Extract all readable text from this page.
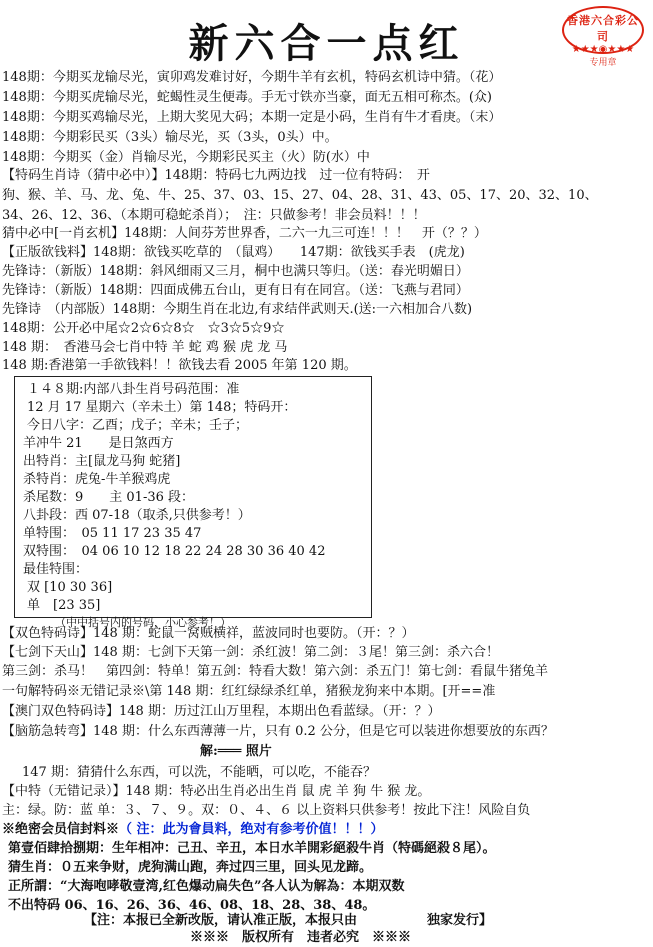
新六合一点红	香港六合彩公司
★★★◉★★★
专用章
148期：今期买龙输尽光，寅卯鸡发难讨好，今期牛羊有玄机，特码玄机诗中猜。（花）
148期：今期买虎输尽光，蛇蝎性灵生便毒。手无寸铁亦当豪，面无五相可称杰。(众)
148期：今期买鸡输尽光，上期大奖见大码；本期一定是小码，生肖有牛才看庚。（末）
148期：今期彩民买（3头）输尽光，买（3头，0头）中。
148期：今期买（金）肖输尽光，今期彩民买主（火）防(水）中
【特码生肖诗（猜中必中）】148期：特码七九两边找　过一位有特码：　开
狗、猴、羊、马、龙、兔、牛、25、37、03、15、27、04、28、31、43、05、17、20、32、10、
34、26、12、36、（本期可稳蛇杀肖）；　注：只做参考！非会员料！！！
猜中必中[一肖玄机】148期：人间芬芳世界香，二六一九三可连！！！　开（？？）
【正版欲钱料】148期：欲钱买吃草的　（鼠鸡）　　147期：欲钱买手表　(虎龙)
先锋诗：（新版）148期：斜风细雨又三月，桐中也满只等归。（送：春光明媚日）
先锋诗：（新版）148期：四面成佛五台山，更有日有在同宫。（送：飞燕与君同）
先锋诗　（内部版）148期：今期生肖在北边,有求结伴武则天.(送:一六相加合八数)
148期：公开必中尾☆2☆6☆8☆　☆3☆5☆9☆
148 期：　香港马会七肖中特 羊 蛇 鸡 猴 虎 龙 马
148 期:香港第一手欲钱料！！欲钱去看 2005 年第 120 期。
１４８期:内部八卦生肖号码范围：准
12 月 17 星期六（辛未土）第 148；特码开：
今日八字：乙酉；戊子；辛未；壬子；
羊冲牛 21　　是日煞西方
出特肖：主[鼠龙马狗 蛇猪]
杀特肖：虎兔-牛羊猴鸡虎
杀尾数：9　　主 01-36 段：
八卦段：西 07-18（取杀,只供参考！）
单特围：　05 11 17 23 35 47
双特围：　04 06 10 12 18 22 24 28 30 36 40 42
最佳特围：
双 [10 30 36]
单　[23 35]
（中中括号内的号码，小心参考！）
【双色特码诗】148 期：蛇鼠一窝贼横祥，蓝波同时也要防。（开：？）
【七剑下天山】148 期：七剑下天第一剑：杀红波！第二剑：３尾！第三剑：杀六合！
第三剑：杀马！　第四剑：特单！第五剑：特看大数！第六剑：杀五门！第七剑：看鼠牛猪兔羊
一句解特码※无错记录※\第 148 期：红红绿绿杀红单，猪猴龙狗来中本期。[开==准
【澳门双色特码诗】148 期：历过江山万里程，本期出色看蓝绿。（开：？）
【脑筋急转弯】148 期：什么东西薄薄一片，只有 0.2 公分，但是它可以装进你想要放的东西？
解:═══ 照片
147 期：猜猜什么东西，可以洗，不能晒，可以吃，不能吞？
【中特（无错记录）】148 期：特必出生肖必出生肖 鼠 虎 羊 狗 牛 猴 龙。
主：绿。防：蓝 单：３、７、９。双：０、４、６ 以上资料只供参考！按此下注！风险自负
※绝密会员信封料※（ 注：此为會員料，绝对有参考价值！！！）
第壹佰肆拾捌期：生年相冲：己丑、辛丑，本日水羊開彩絕殺牛肖（特碼絕殺８尾）。
猜生肖：０五来争财，虎狗满山跑，奔过四三里，回头见龙蹄。
正所謂：“大海咆哮敬壹湾,红色爆动扁失色”各人认为解為：本期双数
不出特码 06、16、26、36、46、08、18、28、38、48。
【注：本报已全新改版，请认准正版，本报只由	独家发行】
※※※　版权所有　违者必究　※※※
